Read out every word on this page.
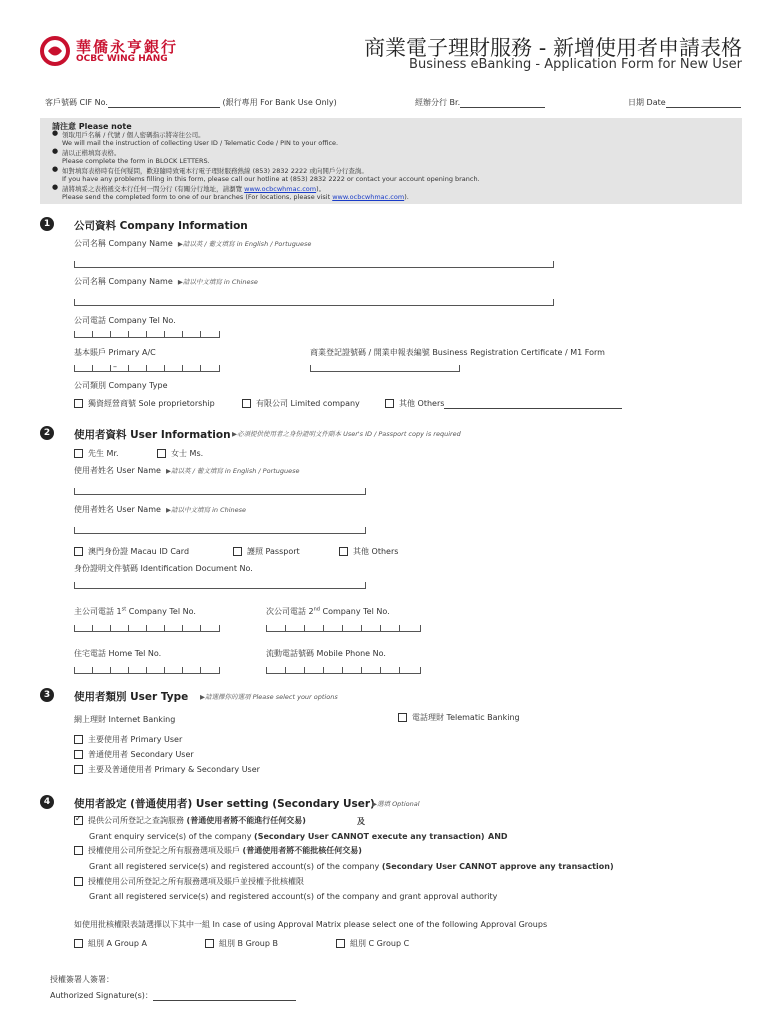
華僑永亨銀行
OCBC WING HANG	商業電子理財服務 - 新增使用者申請表格
Business eBanking - Application Form for New User
客戶號碼 CIF No.	(銀行專用 For Bank Use Only)	經辦分行 Br.	日期 Date
請注意 Please note
● 領取用戶名稱 / 代號 / 個人密碼指示將寄往公司。
We will mail the instruction of collecting User ID / Telematic Code / PIN to your office.
● 請以正楷填寫表格。
Please complete the form in BLOCK LETTERS.
● 如對填寫表格時有任何疑問，歡迎隨時致電本行電子理財服務熱線 (853) 2832 2222 或向開戶分行查詢。
If you have any problems filling in this form, please call our hotline at (853) 2832 2222 or contact your account opening branch.
● 請將填妥之表格遞交本行任何一間分行 (有關分行地址，請瀏覽 www.ocbcwhmac.com)。
Please send the completed form to one of our branches (For locations, please visit www.ocbcwhmac.com).
1	公司資料 Company Information
公司名稱 Company Name ▶請以英 / 葡文填寫 in English / Portuguese
公司名稱 Company Name ▶請以中文填寫 in Chinese
公司電話 Company Tel No.
基本賬戶 Primary A/C
–
商業登記證號碼 / 開業申報表編號 Business Registration Certificate / M1 Form
公司類別 Company Type
獨資經營商號 Sole proprietorship	有限公司 Limited company	其他 Others
2	使用者資料 User Information ▶必須提供使用者之身份證明文件副本 User's ID / Passport copy is required
先生 Mr.	女士 Ms.
使用者姓名 User Name ▶請以英 / 葡文填寫 in English / Portuguese
使用者姓名 User Name ▶請以中文填寫 in Chinese
澳門身份證 Macau ID Card	護照 Passport	其他 Others
身份證明文件號碼 Identification Document No.
主公司電話 1st Company Tel No.	次公司電話 2nd Company Tel No.
住宅電話 Home Tel No.	流動電話號碼 Mobile Phone No.
3	使用者類別 User Type ▶請選擇你的選項 Please select your options
網上理財 Internet Banking	電話理財 Telematic Banking
主要使用者 Primary User
普通使用者 Secondary User
主要及普通使用者 Primary & Secondary User
4	使用者設定 (普通使用者) User setting (Secondary User)
▶選填 Optional
✓提供公司所登記之查詢服務 (普通使用者將不能進行任何交易)	及
Grant enquiry service(s) of the company (Secondary User CANNOT execute any transaction) AND
授權使用公司所登記之所有服務選項及賬戶 (普通使用者將不能批核任何交易)
Grant all registered service(s) and registered account(s) of the company (Secondary User CANNOT approve any transaction)
授權使用公司所登記之所有服務選項及賬戶並授權予批核權限
Grant all registered service(s) and registered account(s) of the company and grant approval authority
如使用批核權限表請選擇以下其中一組 In case of using Approval Matrix please select one of the following Approval Groups
組別 A Group A	組別 B Group B	組別 C Group C
授權簽署人簽署：
Authorized Signature(s)：
